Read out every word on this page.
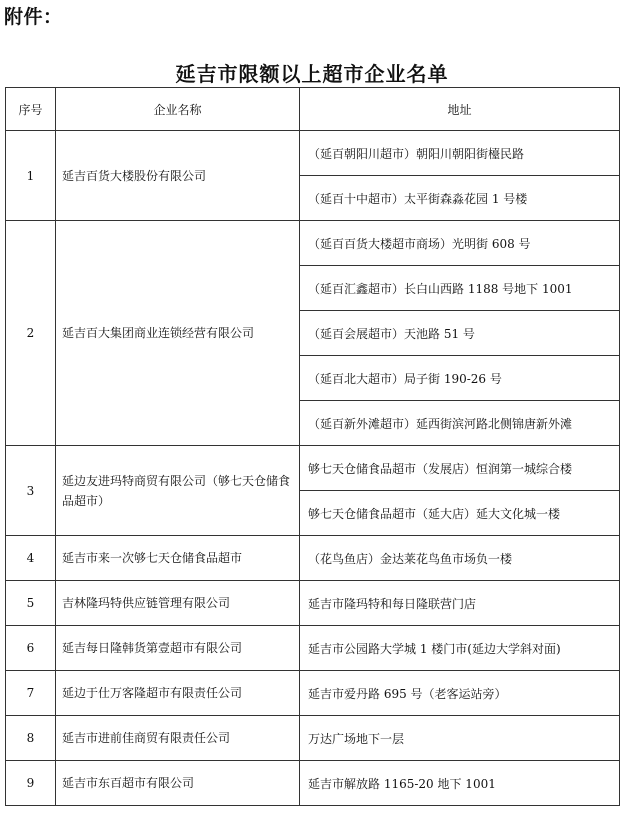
附件：
延吉市限额以上超市企业名单
序号	企业名称	地址
1	延吉百货大楼股份有限公司	（延百朝阳川超市）朝阳川朝阳街檯民路
		（延百十中超市）太平街森淼花园 1 号楼
2	延吉百大集团商业连锁经营有限公司	（延百百货大楼超市商场）光明街 608 号
		（延百汇鑫超市）长白山西路 1188 号地下 1001
		（延百会展超市）天池路 51 号
		（延百北大超市）局子街 190-26 号
		（延百新外滩超市）延西街滨河路北侧锦唐新外滩
3	延边友进玛特商贸有限公司（够七天仓储食品超市）	够七天仓储食品超市（发展店）恒润第一城综合楼
		够七天仓储食品超市（延大店）延大文化城一楼
4	延吉市来一次够七天仓储食品超市	（花鸟鱼店）金达莱花鸟鱼市场负一楼
5	吉林隆玛特供应链管理有限公司	延吉市隆玛特和每日隆联营门店
6	延吉每日隆韩货第壹超市有限公司	延吉市公园路大学城 1 楼门市(延边大学斜对面)
7	延边于仕万客隆超市有限责任公司	延吉市爱丹路 695 号（老客运站旁）
8	延吉市进前佳商贸有限责任公司	万达广场地下一层
9	延吉市东百超市有限公司	延吉市解放路 1165-20 地下 1001
